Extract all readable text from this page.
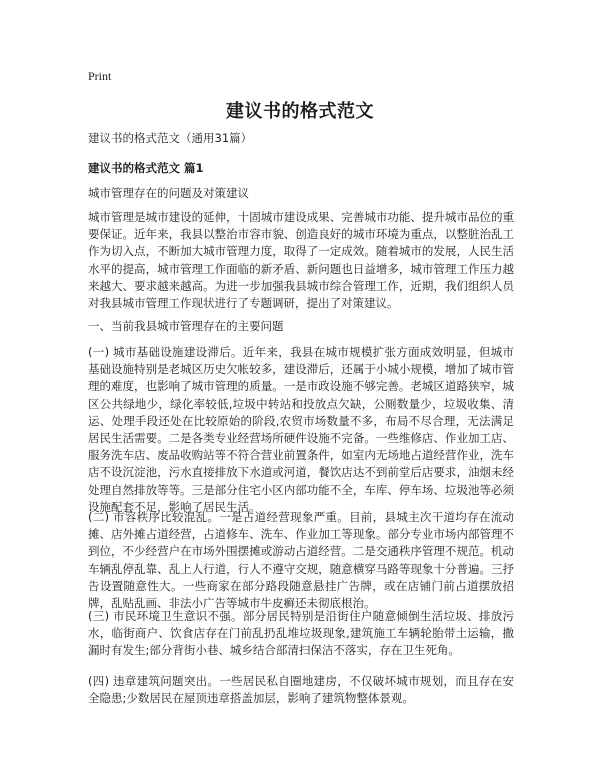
Print
建议书的格式范文
建议书的格式范文（通用31篇）
建议书的格式范文 篇1
城市管理存在的问题及对策建议
城市管理是城市建设的延伸，十固城市建设成果、完善城市功能、提升城市品位的重要保证。近年来，我县以整治市容市貌、创造良好的城市环境为重点，以整脏治乱工作为切入点，不断加大城市管理力度，取得了一定成效。随着城市的发展，人民生活水平的提高，城市管理工作面临的新矛盾、新问题也日益增多，城市管理工作压力越来越大、要求越来越高。为进一步加强我县城市综合管理工作，近期，我们组织人员对我县城市管理工作现状进行了专题调研，提出了对策建议。
一、当前我县城市管理存在的主要问题
(一) 城市基础设施建设滞后。近年来，我县在城市规模扩张方面成效明显，但城市基础设施特别是老城区历史欠帐较多，建设滞后，还属于小城小规模，增加了城市管理的难度，也影响了城市管理的质量。一是市政设施不够完善。老城区道路狭窄，城区公共绿地少，绿化率较低,垃圾中转站和投放点欠缺，公厕数量少，垃圾收集、清运、处理手段还处在比较原始的阶段,农贸市场数量不多，布局不尽合理，无法满足居民生活需要。二是各类专业经营场所硬件设施不完备。一些维修店、作业加工店、服务洗车店、废品收购站等不符合营业前置条件，如室内无场地占道经营作业，洗车店不设沉淀池，污水直接排放下水道或河道，餐饮店达不到前堂后店要求，油烟未经处理自然排放等等。三是部分住宅小区内部功能不全，车库、停车场、垃圾池等必须设施配套不足，影响了居民生活。
(二) 市容秩序比较混乱。一是占道经营现象严重。目前，县城主次干道均存在流动摊、店外摊占道经营，占道修车、洗车、作业加工等现象。部分专业市场内部管理不到位，不少经营户在市场外围摆摊或游动占道经营。二是交通秩序管理不规范。机动车辆乱停乱靠、乱上人行道，行人不遵守交规，随意横穿马路等现象十分普遍。三抒告设置随意性大。一些商家在部分路段随意悬挂广告牌，或在店铺门前占道摆放招牌，乱贴乱画、非法小广告等城市牛皮癣还未彻底根治。
(三) 市民环境卫生意识不强。部分居民特别是沿街住户随意倾倒生活垃圾、排放污水，临街商户、饮食店存在门前乱扔乱堆垃圾现象,建筑施工车辆轮胎带土运输，撒漏时有发生;部分背街小巷、城乡结合部清扫保洁不落实，存在卫生死角。
(四) 违章建筑问题突出。一些居民私自圈地建房，不仅破坏城市规划，而且存在安全隐患;少数居民在屋顶违章搭盖加层，影响了建筑物整体景观。
